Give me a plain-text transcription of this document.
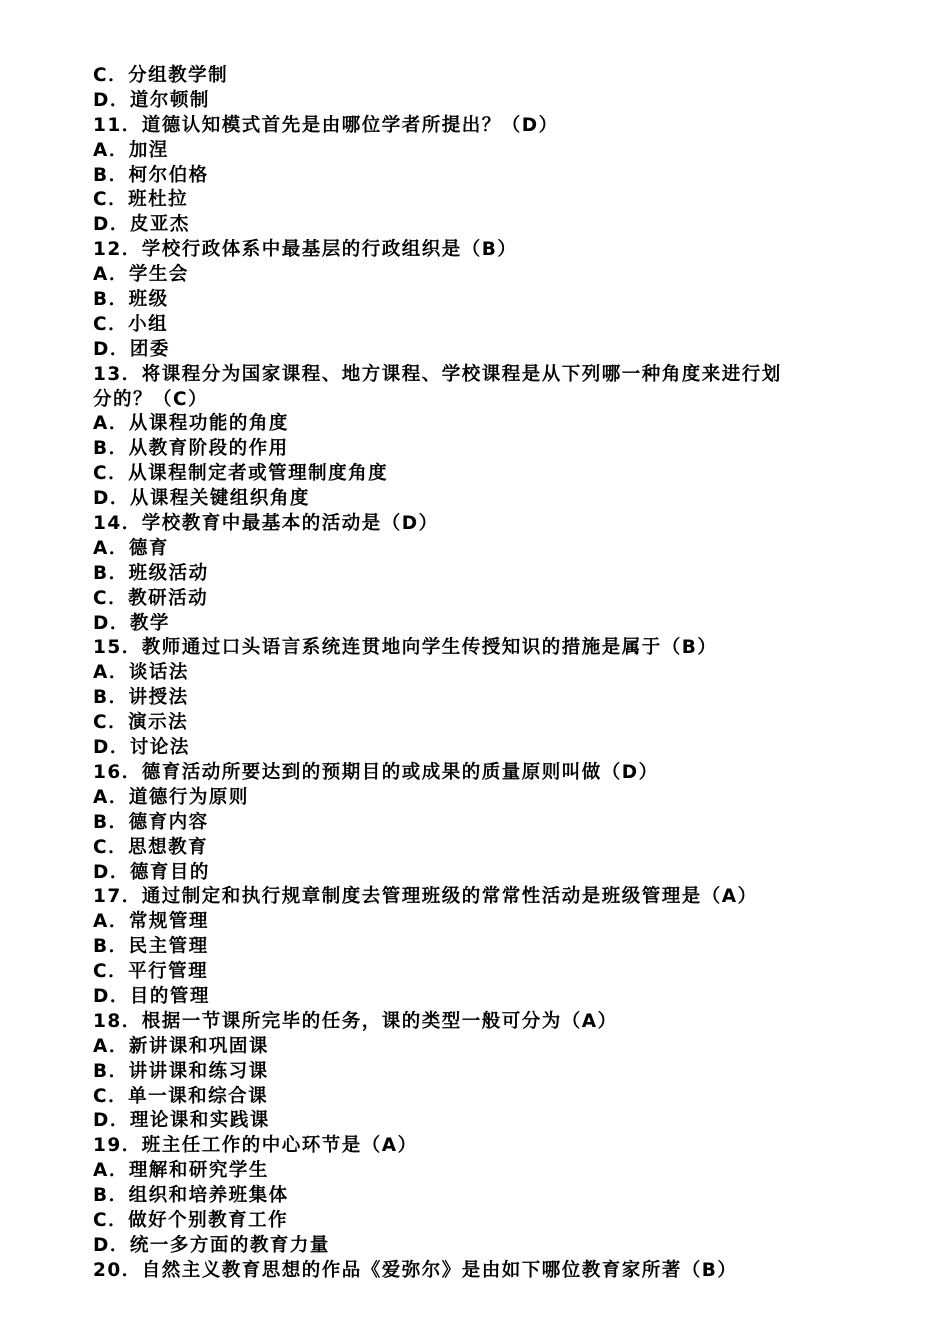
C．分组教学制
D．道尔顿制
11．道德认知模式首先是由哪位学者所提出？（D）
A．加涅
B．柯尔伯格
C．班杜拉
D．皮亚杰
12．学校行政体系中最基层的行政组织是（B）
A．学生会
B．班级
C．小组
D．团委
13．将课程分为国家课程、地方课程、学校课程是从下列哪一种角度来进行划
分的？（C）
A．从课程功能的角度
B．从教育阶段的作用
C．从课程制定者或管理制度角度
D．从课程关键组织角度
14．学校教育中最基本的活动是（D）
A．德育
B．班级活动
C．教研活动
D．教学
15．教师通过口头语言系统连贯地向学生传授知识的措施是属于（B）
A．谈话法
B．讲授法
C．演示法
D．讨论法
16．德育活动所要达到的预期目的或成果的质量原则叫做（D）
A．道德行为原则
B．德育内容
C．思想教育
D．德育目的
17．通过制定和执行规章制度去管理班级的常常性活动是班级管理是（A）
A．常规管理
B．民主管理
C．平行管理
D．目的管理
18．根据一节课所完毕的任务，课的类型一般可分为（A）
A．新讲课和巩固课
B．讲讲课和练习课
C．单一课和综合课
D．理论课和实践课
19．班主任工作的中心环节是（A）
A．理解和研究学生
B．组织和培养班集体
C．做好个别教育工作
D．统一多方面的教育力量
20．自然主义教育思想的作品《爱弥尔》是由如下哪位教育家所著（B）
